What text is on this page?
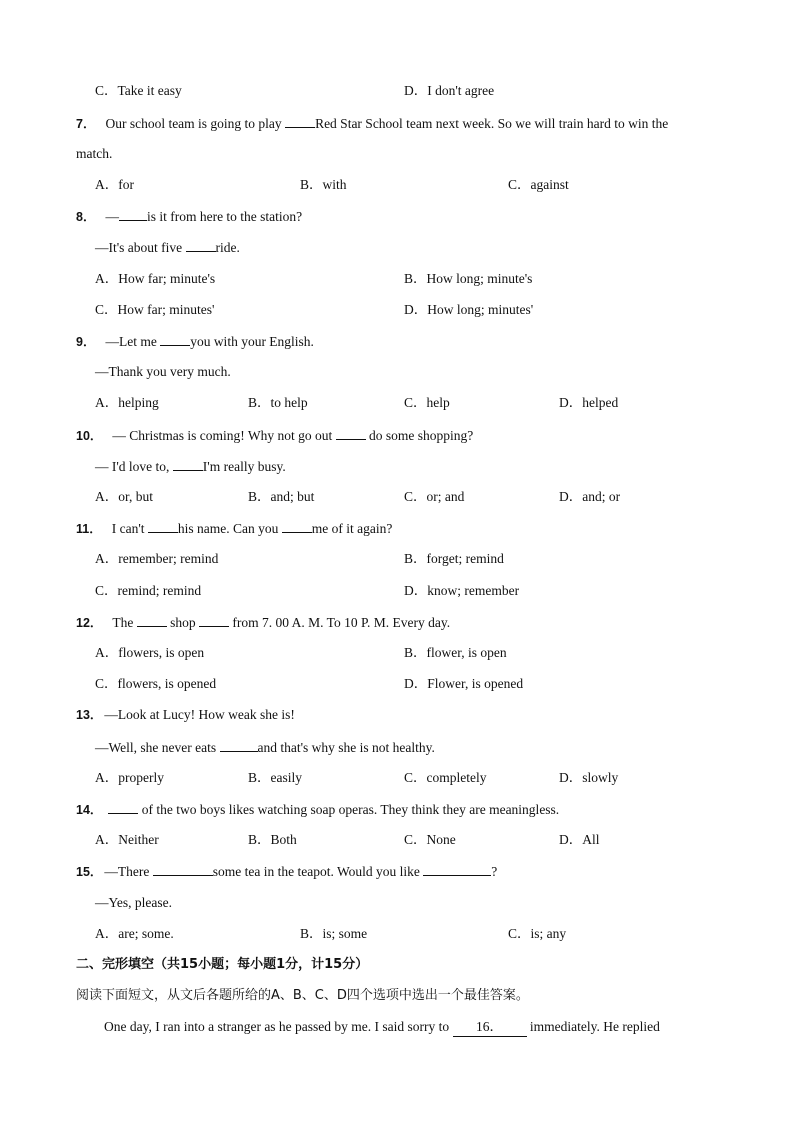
C．Take it easy	D．I don't agree
7． Our school team is going to play Red Star School team next week. So we will train hard to win the
match.
A．for	B．with	C．against
8． — is it from here to the station?
—It's about five ride.
A．How far; minute's	B．How long; minute's
C．How far; minutes'	D．How long; minutes'
9． —Let me you with your English.
—Thank you very much.
A．helping	B．to help	C．help	D．helped
10． — Christmas is coming! Why not go out	do some shopping?
— I'd love to, I'm really busy.
A．or, but	B．and; but	C．or; and	D．and; or
11． I can't his name. Can you me of it again?
A．remember; remind	B．forget; remind
C．remind; remind	D．know; remember
12． The	shop	from 7. 00 A. M. To 10 P. M. Every day.
A．flowers, is open	B．flower, is open
C．flowers, is opened	D．Flower, is opened
13． —Look at Lucy! How weak she is!
—Well, she never eats	and that's why she is not healthy.
A．properly	B．easily	C．completely	D．slowly
14．	of the two boys likes watching soap operas. They think they are meaningless.
A．Neither	B．Both	C．None	D．All
15． —There	some tea in the teapot. Would you like	?
—Yes, please.
A．are; some.	B．is; some	C．is; any
二、完形填空（共15小题；每小题1分，计15分）
阅读下面短文，从文后各题所给的A、B、C、D四个选项中选出一个最佳答案。
One day, I ran into a stranger as he passed by me. I said sorry to 16． immediately. He replied
